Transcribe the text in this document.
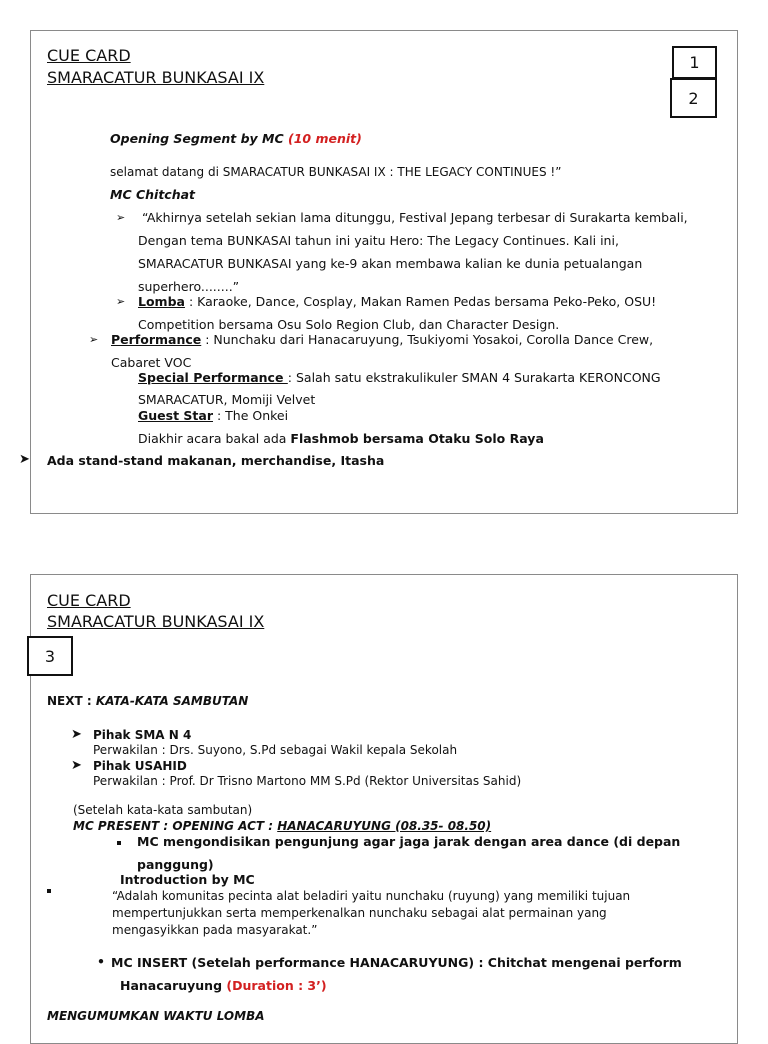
CUE CARD
SMARACATUR BUNKASAI IX
1
2
Opening Segment by MC (10 menit)
selamat datang di SMARACATUR BUNKASAI IX : THE LEGACY CONTINUES !”
MC Chitchat
➢ “Akhirnya setelah sekian lama ditunggu, Festival Jepang terbesar di Surakarta kembali,
Dengan tema BUNKASAI tahun ini yaitu Hero: The Legacy Continues. Kali ini,
SMARACATUR BUNKASAI yang ke-9 akan membawa kalian ke dunia petualangan
superhero........”
➢ Lomba : Karaoke, Dance, Cosplay, Makan Ramen Pedas bersama Peko-Peko, OSU!
Competition bersama Osu Solo Region Club, dan Character Design.
➢ Performance : Nunchaku dari Hanacaruyung, Tsukiyomi Yosakoi, Corolla Dance Crew,
Cabaret VOC
Special Performance : Salah satu ekstrakulikuler SMAN 4 Surakarta KERONCONG
SMARACATUR, Momiji Velvet
Guest Star : The Onkei
Diakhir acara bakal ada Flashmob bersama Otaku Solo Raya
➤ Ada stand-stand makanan, merchandise, Itasha
CUE CARD
SMARACATUR BUNKASAI IX
3
NEXT : KATA-KATA SAMBUTAN
➤ Pihak SMA N 4
Perwakilan : Drs. Suyono, S.Pd sebagai Wakil kepala Sekolah
➤ Pihak USAHID
Perwakilan : Prof. Dr Trisno Martono MM S.Pd (Rektor Universitas Sahid)
(Setelah kata-kata sambutan)
MC PRESENT : OPENING ACT : HANACARUYUNG (08.35- 08.50)
MC mengondisikan pengunjung agar jaga jarak dengan area dance (di depan
panggung)
Introduction by MC
“Adalah komunitas pecinta alat beladiri yaitu nunchaku (ruyung) yang memiliki tujuan
mempertunjukkan serta memperkenalkan nunchaku sebagai alat permainan yang
mengasyikkan pada masyarakat.”
• MC INSERT (Setelah performance HANACARUYUNG) : Chitchat mengenai perform
Hanacaruyung (Duration : 3’)
MENGUMUMKAN WAKTU LOMBA
